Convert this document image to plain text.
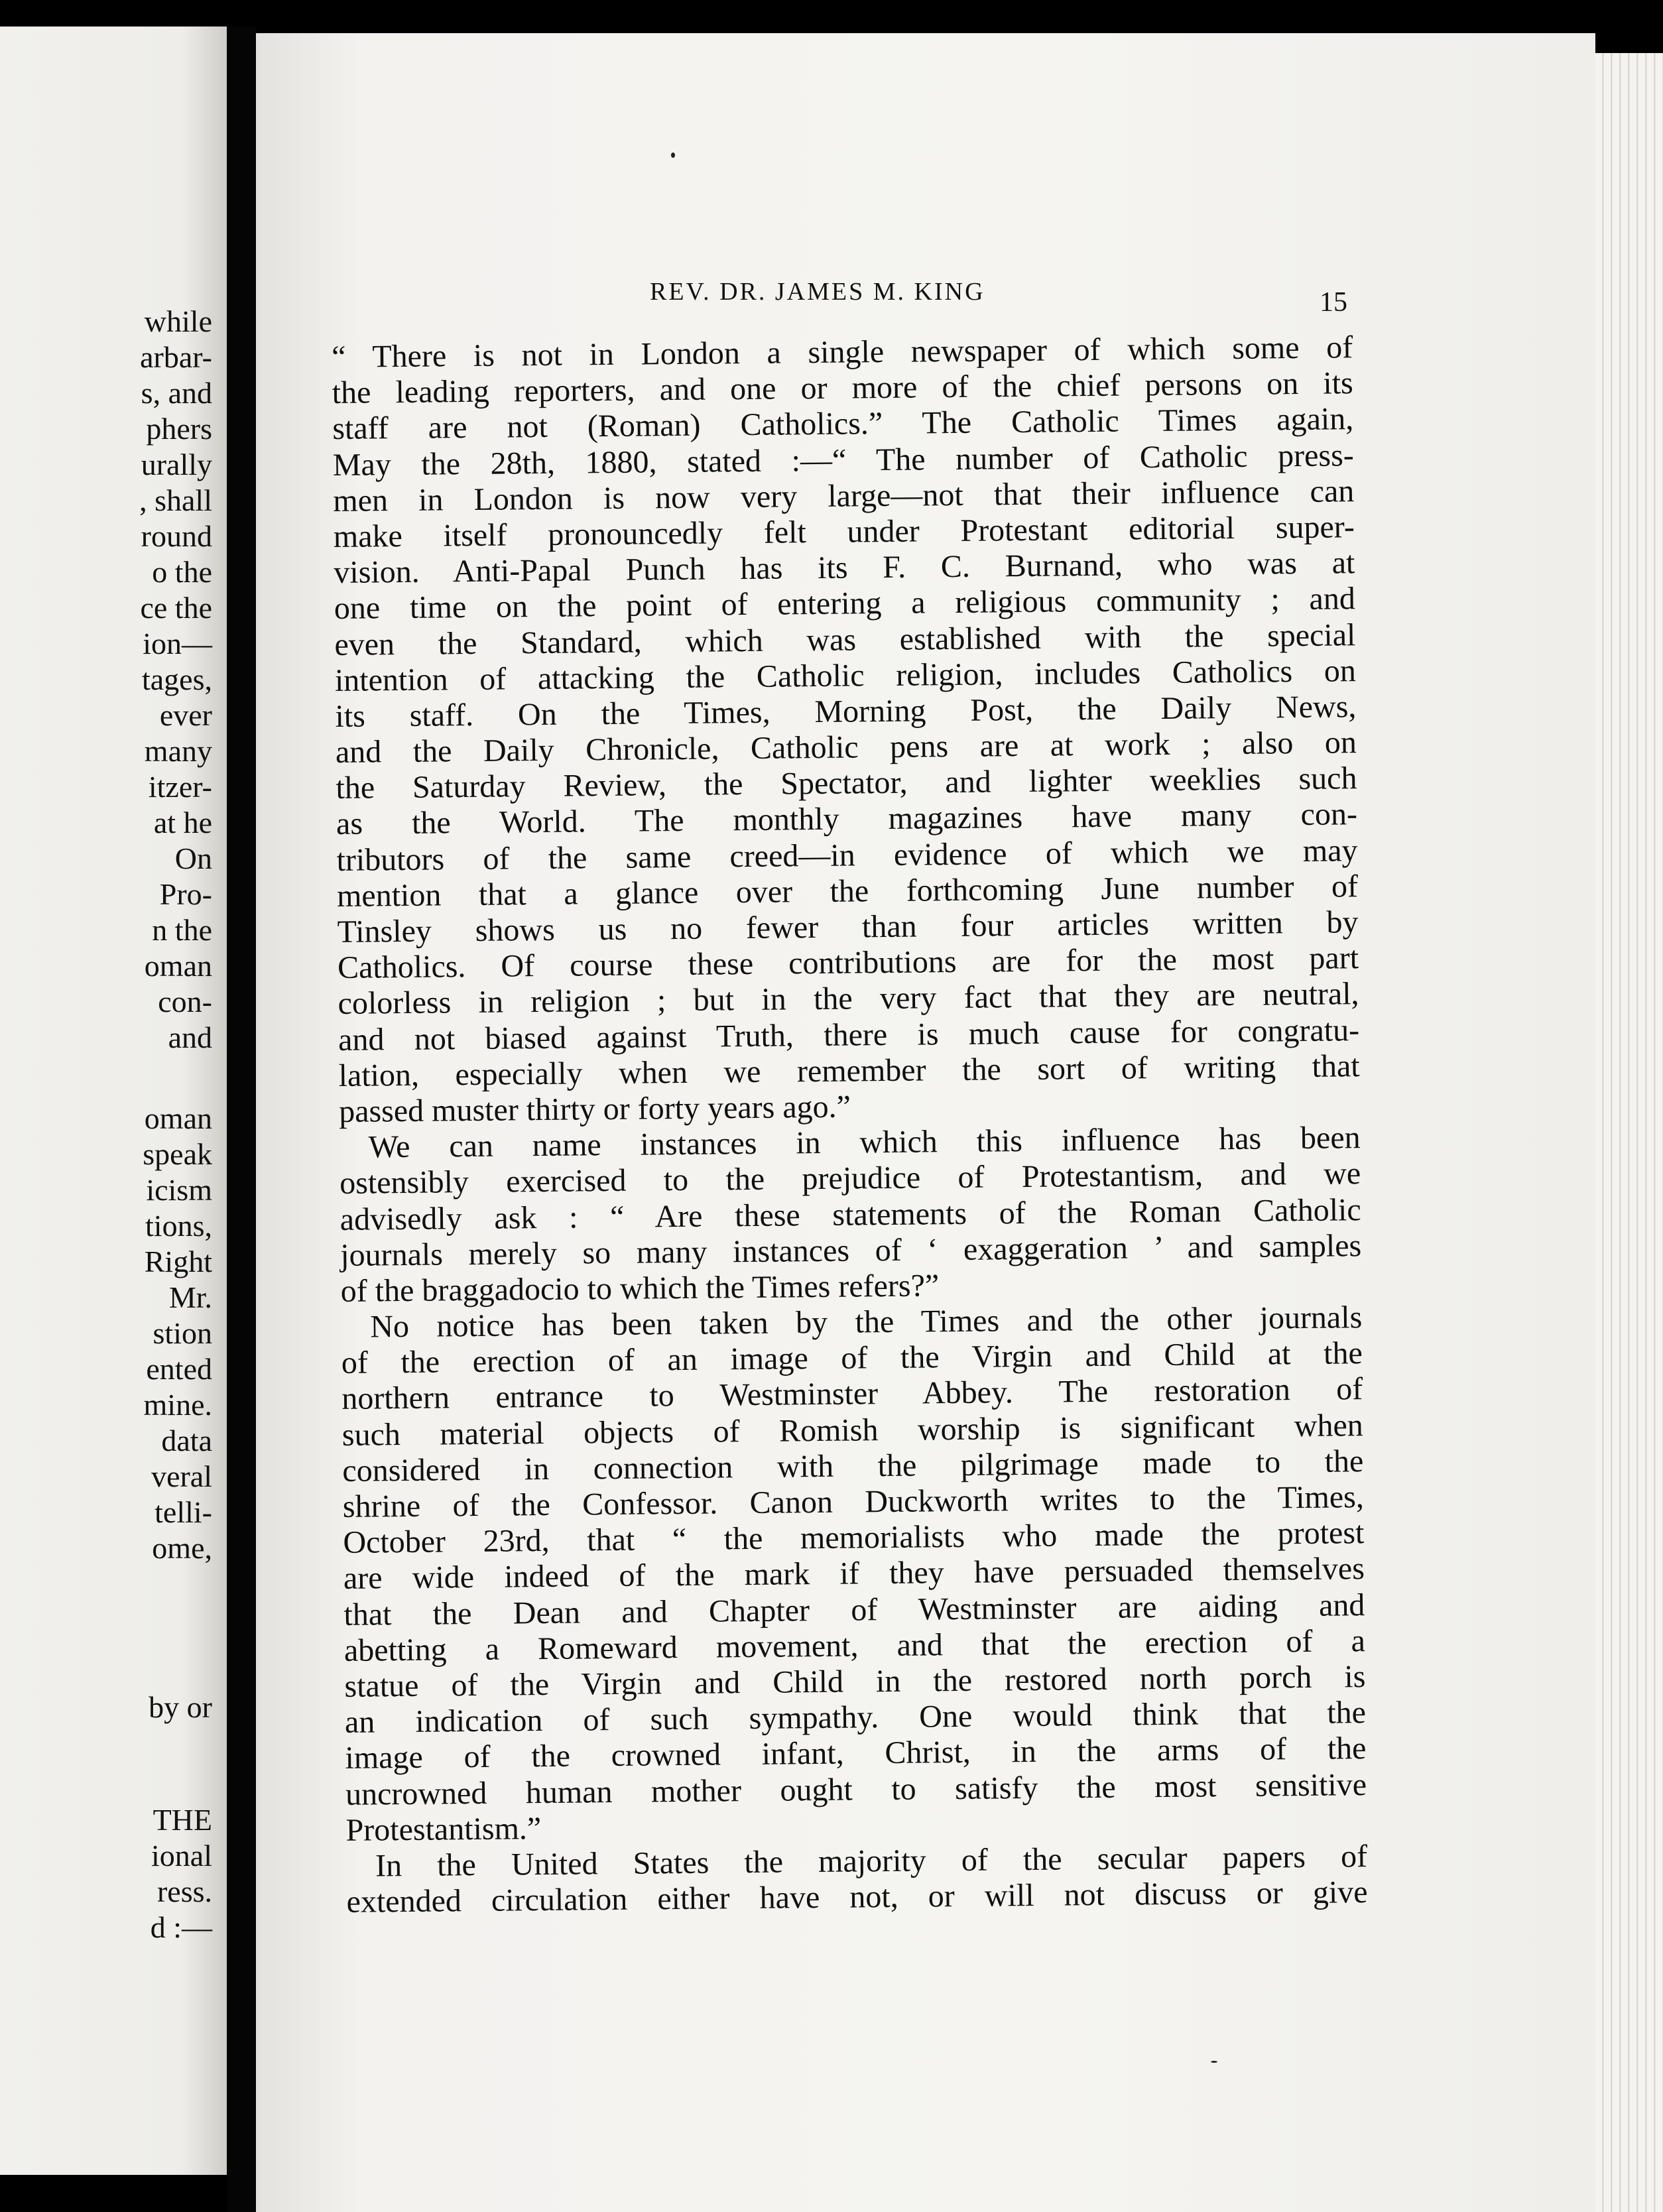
while
arbar-
s, and
phers
urally
, shall
round
o the
ce the
ion—
tages,
ever
many
itzer-
at he
On
Pro-
n the
oman
con-
and
oman
speak
icism
tions,
Right
Mr.
stion
ented
mine.
data
veral
telli-
ome,
by or
THE
ional
ress.
d :—
REV. DR. JAMES M. KING	15
“ There is not in London a single newspaper of which some of
the leading reporters, and one or more of the chief persons on its
staff are not (Roman) Catholics.” The Catholic Times again,
May the 28th, 1880, stated :—“ The number of Catholic press-
men in London is now very large—not that their influence can
make itself pronouncedly felt under Protestant editorial super-
vision. Anti-Papal Punch has its F. C. Burnand, who was at
one time on the point of entering a religious community ; and
even the Standard, which was established with the special
intention of attacking the Catholic religion, includes Catholics on
its staff. On the Times, Morning Post, the Daily News,
and the Daily Chronicle, Catholic pens are at work ; also on
the Saturday Review, the Spectator, and lighter weeklies such
as the World. The monthly magazines have many con-
tributors of the same creed—in evidence of which we may
mention that a glance over the forthcoming June number of
Tinsley shows us no fewer than four articles written by
Catholics. Of course these contributions are for the most part
colorless in religion ; but in the very fact that they are neutral,
and not biased against Truth, there is much cause for congratu-
lation, especially when we remember the sort of writing that
passed muster thirty or forty years ago.”
We can name instances in which this influence has been
ostensibly exercised to the prejudice of Protestantism, and we
advisedly ask : “ Are these statements of the Roman Catholic
journals merely so many instances of ‘ exaggeration ’ and samples
of the braggadocio to which the Times refers?”
No notice has been taken by the Times and the other journals
of the erection of an image of the Virgin and Child at the
northern entrance to Westminster Abbey. The restoration of
such material objects of Romish worship is significant when
considered in connection with the pilgrimage made to the
shrine of the Confessor. Canon Duckworth writes to the Times,
October 23rd, that “ the memorialists who made the protest
are wide indeed of the mark if they have persuaded themselves
that the Dean and Chapter of Westminster are aiding and
abetting a Romeward movement, and that the erection of a
statue of the Virgin and Child in the restored north porch is
an indication of such sympathy. One would think that the
image of the crowned infant, Christ, in the arms of the
uncrowned human mother ought to satisfy the most sensitive
Protestantism.”
In the United States the majority of the secular papers of
extended circulation either have not, or will not discuss or give
